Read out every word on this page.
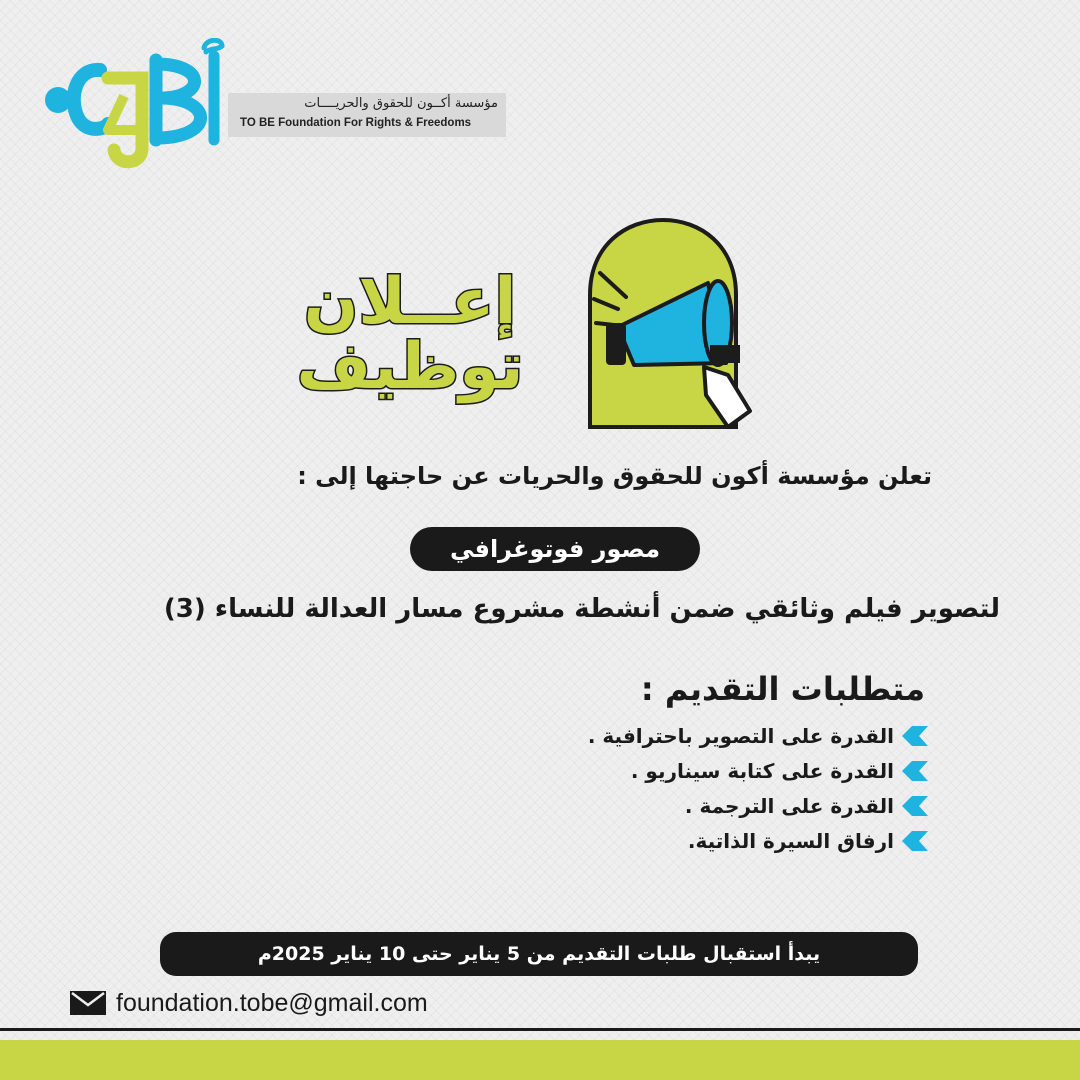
مؤسسة أكــون للحقوق والحريــــات
TO BE Foundation For Rights & Freedoms
إعــلان
توظيف
تعلن مؤسسة أكون للحقوق والحريات عن حاجتها إلى :
مصور فوتوغرافي
لتصوير فيلم وثائقي ضمن أنشطة مشروع مسار العدالة للنساء (3)
متطلبات التقديم :
القدرة على التصوير باحترافية .
القدرة على كتابة سيناريو .
القدرة على الترجمة .
ارفاق السيرة الذاتية.
يبدأ استقبال طلبات التقديم من 5 يناير حتى 10 يناير 2025م
foundation.tobe@gmail.com
